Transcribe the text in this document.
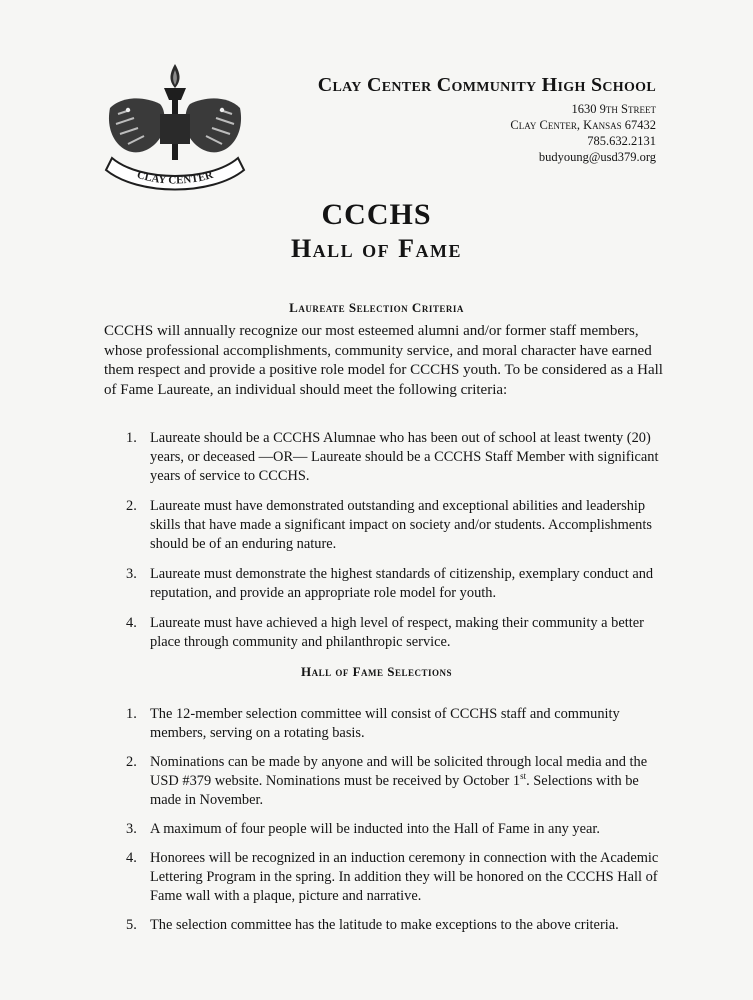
CLAY CENTER
Clay Center Community High School
1630 9th Street
Clay Center, Kansas 67432
785.632.2131
budyoung@usd379.org
CCCHS
Hall of Fame
Laureate Selection Criteria
CCCHS will annually recognize our most esteemed alumni and/or former staff members, whose professional accomplishments, community service, and moral character have earned them respect and provide a positive role model for CCCHS youth. To be considered as a Hall of Fame Laureate, an individual should meet the following criteria:
1. Laureate should be a CCCHS Alumnae who has been out of school at least twenty (20) years, or deceased —OR— Laureate should be a CCCHS Staff Member with significant years of service to CCCHS.
2. Laureate must have demonstrated outstanding and exceptional abilities and leadership skills that have made a significant impact on society and/or students. Accomplishments should be of an enduring nature.
3. Laureate must demonstrate the highest standards of citizenship, exemplary conduct and reputation, and provide an appropriate role model for youth.
4. Laureate must have achieved a high level of respect, making their community a better place through community and philanthropic service.
Hall of Fame Selections
1. The 12-member selection committee will consist of CCCHS staff and community members, serving on a rotating basis.
2. Nominations can be made by anyone and will be solicited through local media and the USD #379 website. Nominations must be received by October 1st. Selections with be made in November.
3. A maximum of four people will be inducted into the Hall of Fame in any year.
4. Honorees will be recognized in an induction ceremony in connection with the Academic Lettering Program in the spring. In addition they will be honored on the CCCHS Hall of Fame wall with a plaque, picture and narrative.
5. The selection committee has the latitude to make exceptions to the above criteria.
